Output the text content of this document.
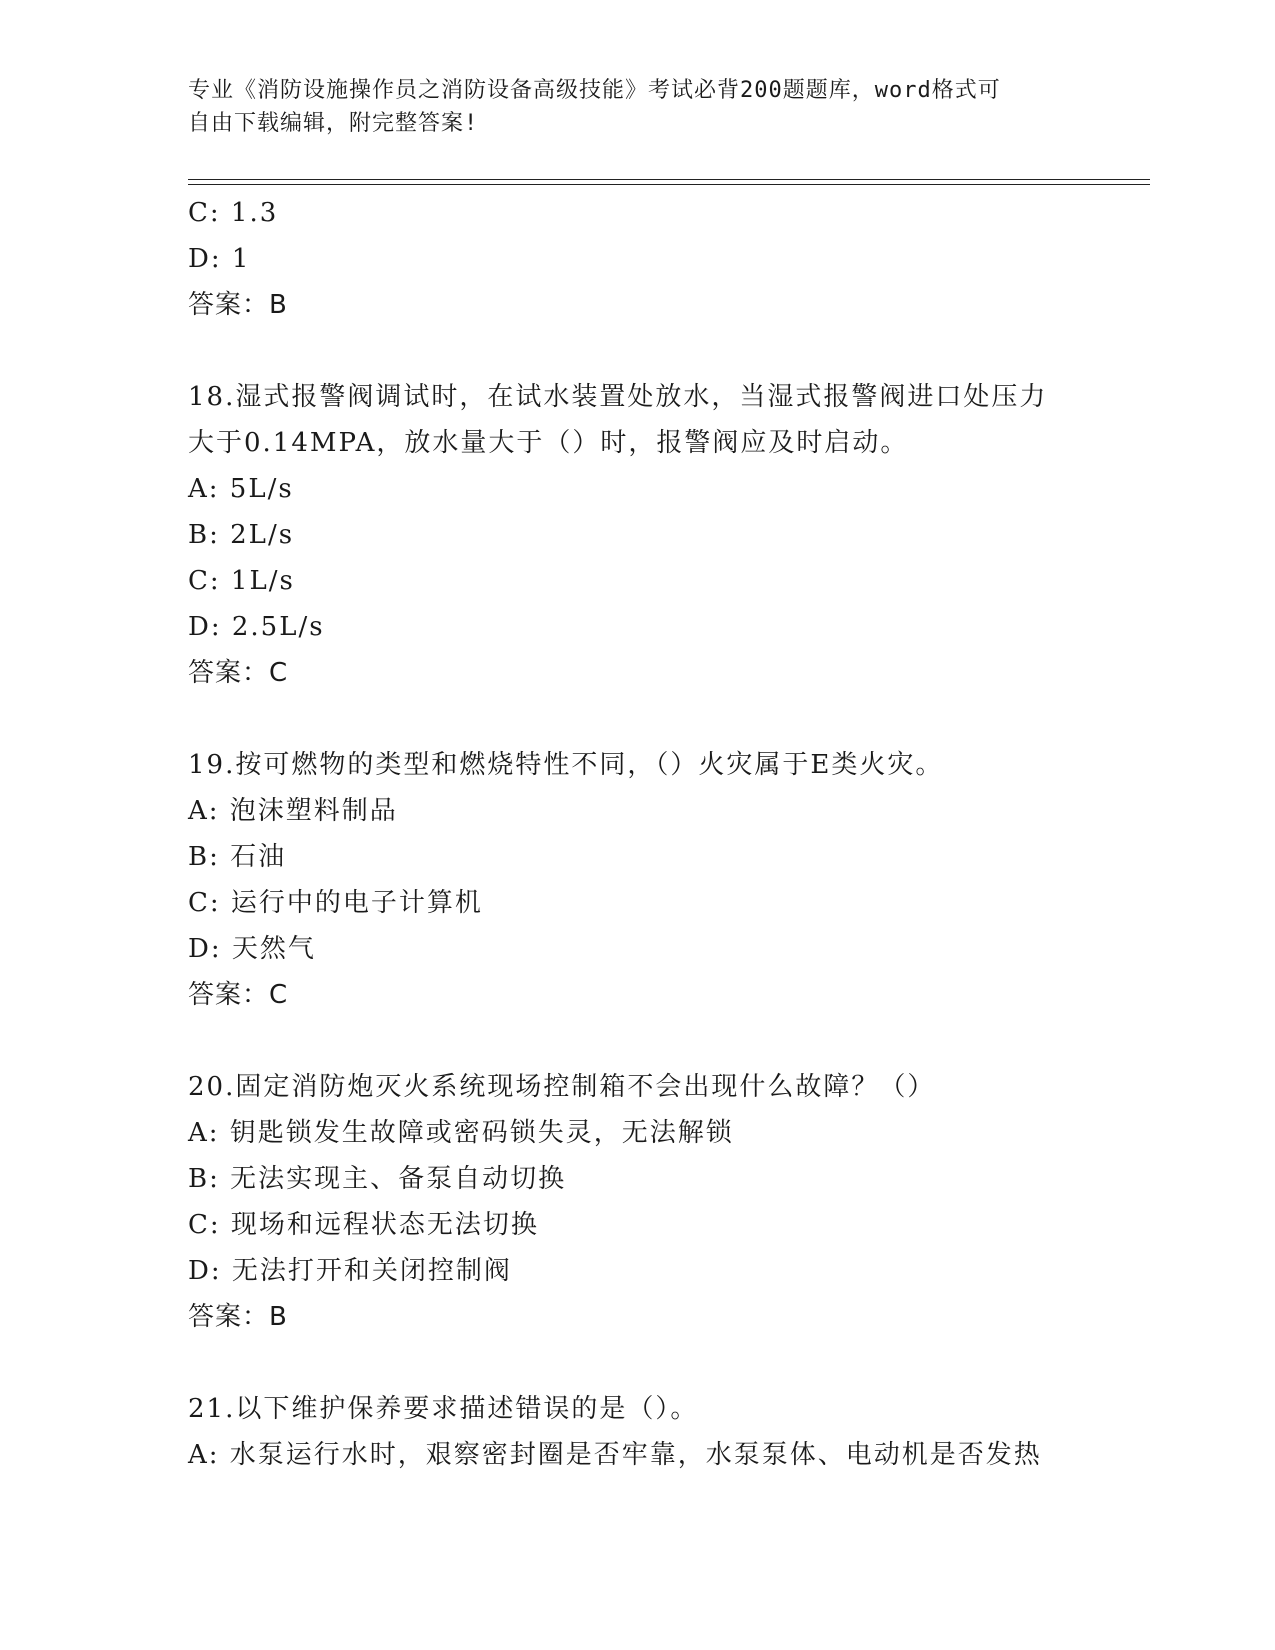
专业《消防设施操作员之消防设备高级技能》考试必背200题题库，word格式可
自由下载编辑，附完整答案!
C: 1.3
D: 1
答案：B
18.湿式报警阀调试时，在试水装置处放水，当湿式报警阀进口处压力
大于0.14MPA，放水量大于（）时，报警阀应及时启动。
A: 5L/s
B: 2L/s
C: 1L/s
D: 2.5L/s
答案：C
19.按可燃物的类型和燃烧特性不同，（）火灾属于E类火灾。
A: 泡沫塑料制品
B: 石油
C: 运行中的电子计算机
D: 天然气
答案：C
20.固定消防炮灭火系统现场控制箱不会出现什么故障？（）
A: 钥匙锁发生故障或密码锁失灵，无法解锁
B: 无法实现主、备泵自动切换
C: 现场和远程状态无法切换
D: 无法打开和关闭控制阀
答案：B
21.以下维护保养要求描述错误的是（）。
A: 水泵运行水时，艰察密封圈是否牢靠，水泵泵体、电动机是否发热
